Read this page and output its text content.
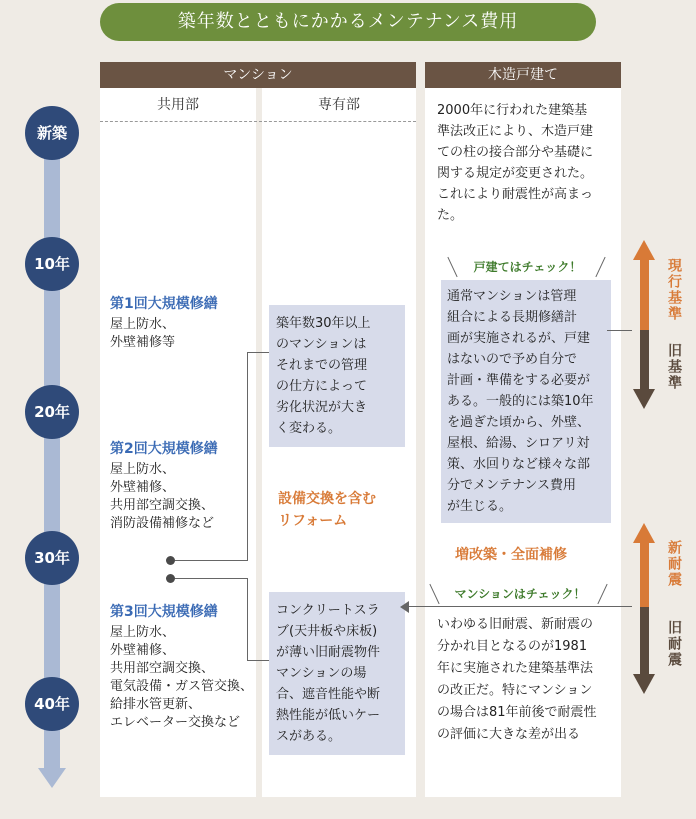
築年数とともにかかるメンテナンス費用
マンション	木造戸建て
共用部	専有部
新築
10年
20年
30年
40年
第1回大規模修繕
屋上防水、
外壁補修等
第2回大規模修繕
屋上防水、
外壁補修、
共用部空調交換、
消防設備補修など
第3回大規模修繕
屋上防水、
外壁補修、
共用部空調交換、
電気設備・ガス管交換、
給排水管更新、
エレベーター交換など
築年数30年以上
のマンションは
それまでの管理
の仕方によって
劣化状況が大き
く変わる。
設備交換を含む
リフォーム
コンクリートスラ
ブ(天井板や床板)
が薄い旧耐震物件
マンションの場
合、遮音性能や断
熱性能が低いケー
スがある。
2000年に行われた建築基
準法改正により、木造戸建
ての柱の接合部分や基礎に
関する規定が変更された。
これにより耐震性が高まっ
た。
戸建てはチェック！
通常マンションは管理
組合による長期修繕計
画が実施されるが、戸建
はないので予め自分で
計画・準備をする必要が
ある。一般的には築10年
を過ぎた頃から、外壁、
屋根、給湯、シロアリ対
策、水回りなど様々な部
分でメンテナンス費用
が生じる。
増改築・全面補修
マンションはチェック！
いわゆる旧耐震、新耐震の
分かれ目となるのが1981
年に実施された建築基準法
の改正だ。特にマンション
の場合は81年前後で耐震性
の評価に大きな差が出る
現行基準
旧基準
新耐震
旧耐震
